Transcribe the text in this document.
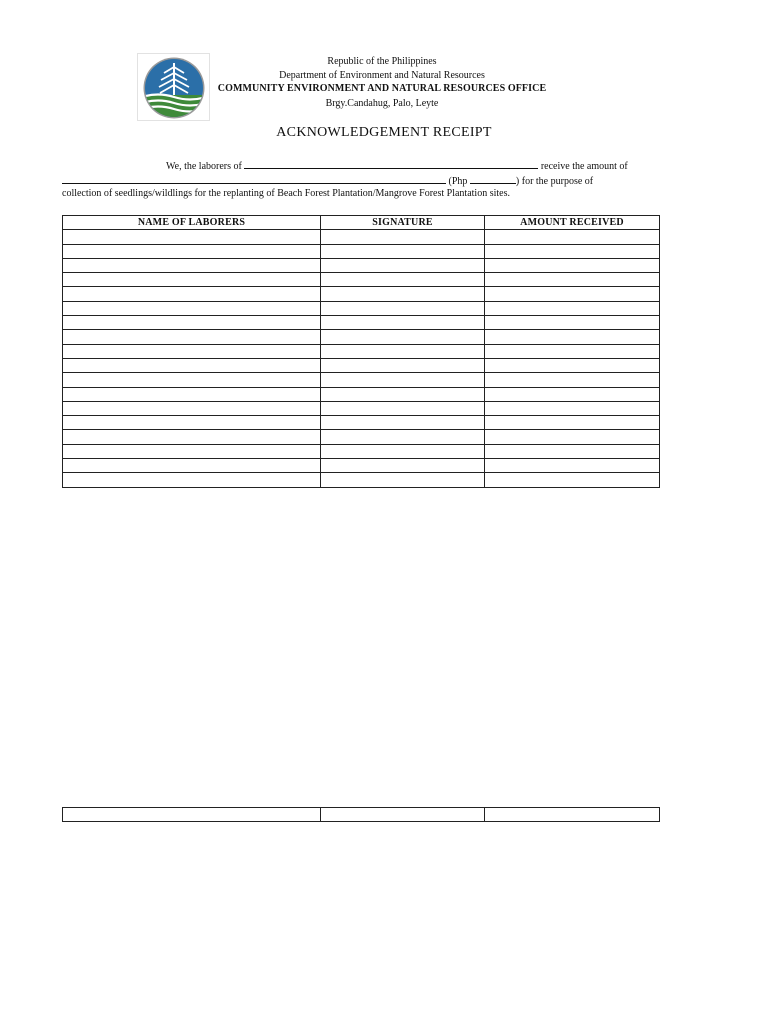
Republic of the Philippines
Department of Environment and Natural Resources
COMMUNITY ENVIRONMENT AND NATURAL RESOURCES OFFICE
Brgy.Candahug, Palo, Leyte
ACKNOWLEDGEMENT RECEIPT
We, the laborers of	receive the amount of
(Php	) for the purpose of
collection of seedlings/wildlings for the replanting of Beach Forest Plantation/Mangrove Forest Plantation sites.
NAME OF LABORERS	SIGNATURE	AMOUNT RECEIVED
